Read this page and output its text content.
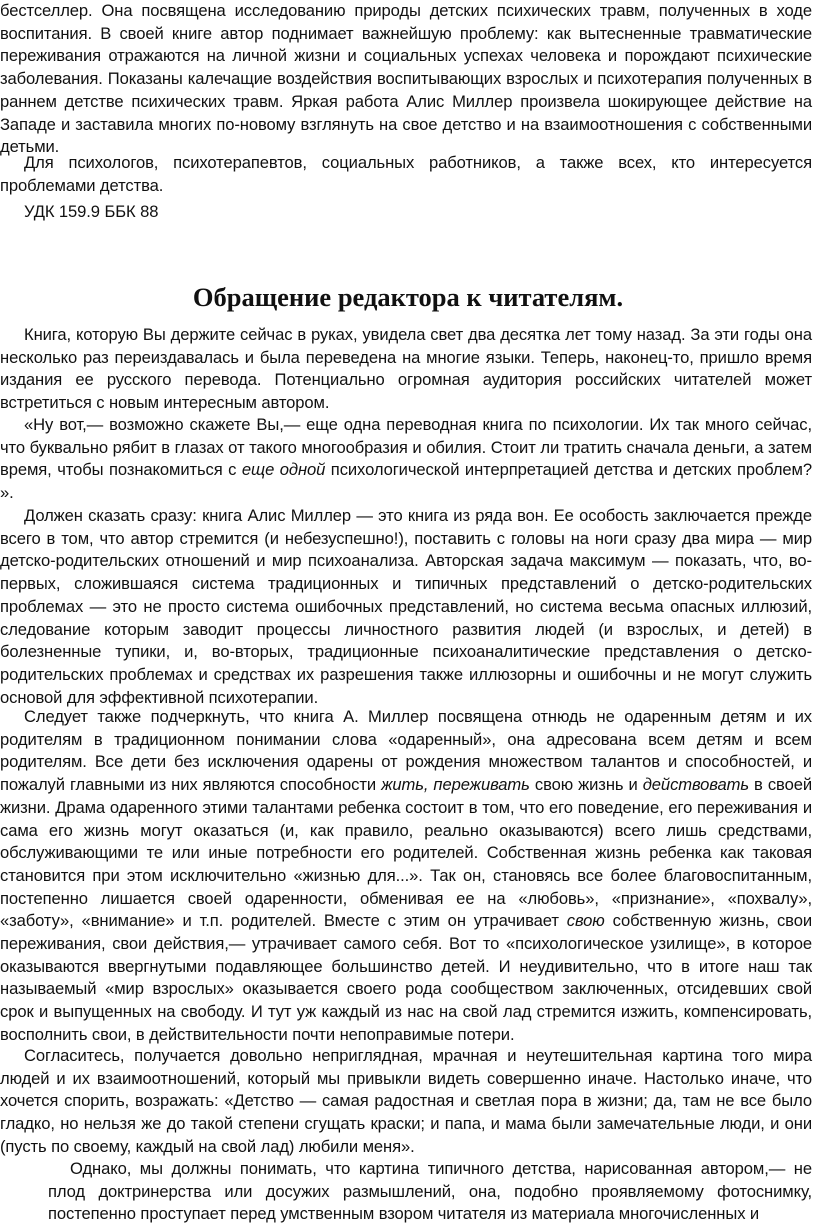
бестселлер. Она посвящена исследованию природы детских психических травм, полученных в ходе воспитания. В своей книге автор поднимает важнейшую проблему: как вытесненные травматические переживания отражаются на личной жизни и социальных успехах человека и порождают психические заболевания. Показаны калечащие воздействия воспитывающих взрослых и психотерапия полученных в раннем детстве психических травм. Яркая работа Алис Миллер произвела шокирующее действие на Западе и заставила многих по-новому взглянуть на свое детство и на взаимоотношения с собственными детьми.

Для психологов, психотерапевтов, социальных работников, а также всех, кто интересуется проблемами детства.

УДК 159.9 ББК 88

Обращение редактора к читателям.

Книга, которую Вы держите сейчас в руках, увидела свет два десятка лет тому назад. За эти годы она несколько раз переиздавалась и была переведена на многие языки. Теперь, наконец-то, пришло время издания ее русского перевода. Потенциально огромная аудитория российских читателей может встретиться с новым интересным автором.

«Ну вот,— возможно скажете Вы,— еще одна переводная книга по психологии. Их так много сейчас, что буквально рябит в глазах от такого многообразия и обилия. Стоит ли тратить сначала деньги, а затем время, чтобы познакомиться с еще одной психологической интерпретацией детства и детских проблем? ».

Должен сказать сразу: книга Алис Миллер — это книга из ряда вон. Ее особость заключается прежде всего в том, что автор стремится (и небезуспешно!), поставить с головы на ноги сразу два мира — мир детско-родительских отношений и мир психоанализа. Авторская задача максимум — показать, что, во-первых, сложившаяся система традиционных и типичных представлений о детско-родительских проблемах — это не просто система ошибочных представлений, но система весьма опасных иллюзий, следование которым заводит процессы личностного развития людей (и взрослых, и детей) в болезненные тупики, и, во-вторых, традиционные психоаналитические представления о детско-родительских проблемах и средствах их разрешения также иллюзорны и ошибочны и не могут служить основой для эффективной психотерапии.

Следует также подчеркнуть, что книга А. Миллер посвящена отнюдь не одаренным детям и их родителям в традиционном понимании слова «одаренный», она адресована всем детям и всем родителям. Все дети без исключения одарены от рождения множеством талантов и способностей, и пожалуй главными из них являются способности жить, переживать свою жизнь и действовать в своей жизни. Драма одаренного этими талантами ребенка состоит в том, что его поведение, его переживания и сама его жизнь могут оказаться (и, как правило, реально оказываются) всего лишь средствами, обслуживающими те или иные потребности его родителей. Собственная жизнь ребенка как таковая становится при этом исключительно «жизнью для...». Так он, становясь все более благовоспитанным, постепенно лишается своей одаренности, обменивая ее на «любовь», «признание», «похвалу», «заботу», «внимание» и т.п. родителей. Вместе с этим он утрачивает свою собственную жизнь, свои переживания, свои действия,— утрачивает самого себя. Вот то «психологическое узилище», в которое оказываются ввергнутыми подавляющее большинство детей. И неудивительно, что в итоге наш так называемый «мир взрослых» оказывается своего рода сообществом заключенных, отсидевших свой срок и выпущенных на свободу. И тут уж каждый из нас на свой лад стремится изжить, компенсировать, восполнить свои, в действительности почти непоправимые потери.

Согласитесь, получается довольно неприглядная, мрачная и неутешительная картина того мира людей и их взаимоотношений, который мы привыкли видеть совершенно иначе. Настолько иначе, что хочется спорить, возражать: «Детство — самая радостная и светлая пора в жизни; да, там не все было гладко, но нельзя же до такой степени сгущать краски; и папа, и мама были замечательные люди, и они (пусть по своему, каждый на свой лад) любили меня».

Однако, мы должны понимать, что картина типичного детства, нарисованная автором,— не плод доктринерства или досужих размышлений, она, подобно проявляемому фотоснимку, постепенно проступает перед умственным взором читателя из материала многочисленных и
